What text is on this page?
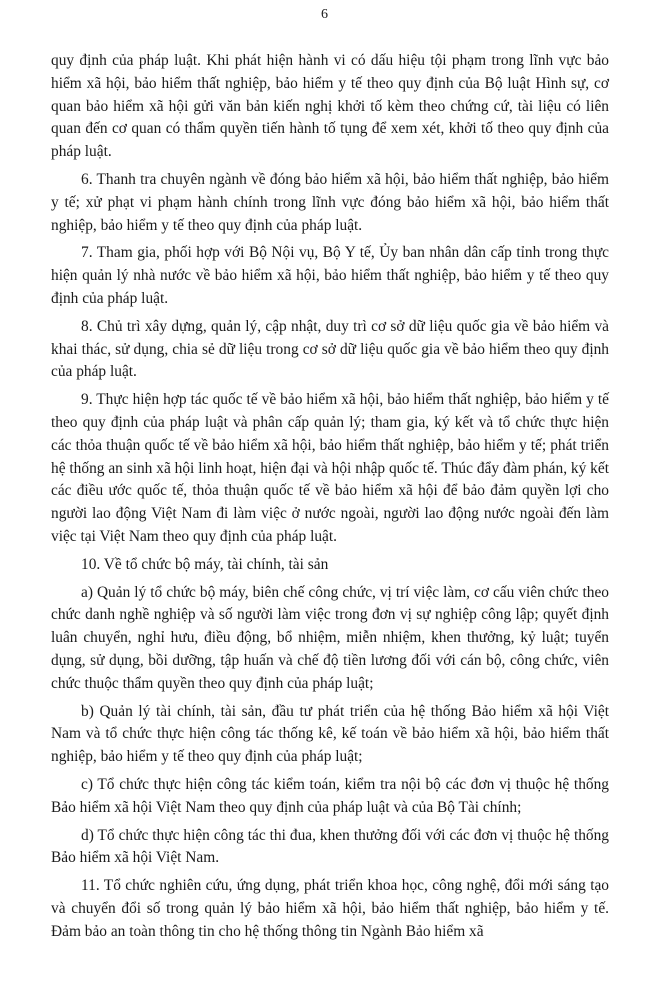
6

quy định của pháp luật. Khi phát hiện hành vi có dấu hiệu tội phạm trong lĩnh vực bảo hiểm xã hội, bảo hiểm thất nghiệp, bảo hiểm y tế theo quy định của Bộ luật Hình sự, cơ quan bảo hiểm xã hội gửi văn bản kiến nghị khởi tố kèm theo chứng cứ, tài liệu có liên quan đến cơ quan có thẩm quyền tiến hành tố tụng để xem xét, khởi tố theo quy định của pháp luật.

6. Thanh tra chuyên ngành về đóng bảo hiểm xã hội, bảo hiểm thất nghiệp, bảo hiểm y tế; xử phạt vi phạm hành chính trong lĩnh vực đóng bảo hiểm xã hội, bảo hiểm thất nghiệp, bảo hiểm y tế theo quy định của pháp luật.

7. Tham gia, phối hợp với Bộ Nội vụ, Bộ Y tế, Ủy ban nhân dân cấp tỉnh trong thực hiện quản lý nhà nước về bảo hiểm xã hội, bảo hiểm thất nghiệp, bảo hiểm y tế theo quy định của pháp luật.

8. Chủ trì xây dựng, quản lý, cập nhật, duy trì cơ sở dữ liệu quốc gia về bảo hiểm và khai thác, sử dụng, chia sẻ dữ liệu trong cơ sở dữ liệu quốc gia về bảo hiểm theo quy định của pháp luật.

9. Thực hiện hợp tác quốc tế về bảo hiểm xã hội, bảo hiểm thất nghiệp, bảo hiểm y tế theo quy định của pháp luật và phân cấp quản lý; tham gia, ký kết và tổ chức thực hiện các thỏa thuận quốc tế về bảo hiểm xã hội, bảo hiểm thất nghiệp, bảo hiểm y tế; phát triển hệ thống an sinh xã hội linh hoạt, hiện đại và hội nhập quốc tế. Thúc đẩy đàm phán, ký kết các điều ước quốc tế, thỏa thuận quốc tế về bảo hiểm xã hội để bảo đảm quyền lợi cho người lao động Việt Nam đi làm việc ở nước ngoài, người lao động nước ngoài đến làm việc tại Việt Nam theo quy định của pháp luật.

10. Về tổ chức bộ máy, tài chính, tài sản

a) Quản lý tổ chức bộ máy, biên chế công chức, vị trí việc làm, cơ cấu viên chức theo chức danh nghề nghiệp và số người làm việc trong đơn vị sự nghiệp công lập; quyết định luân chuyển, nghỉ hưu, điều động, bổ nhiệm, miễn nhiệm, khen thưởng, kỷ luật; tuyển dụng, sử dụng, bồi dưỡng, tập huấn và chế độ tiền lương đối với cán bộ, công chức, viên chức thuộc thẩm quyền theo quy định của pháp luật;

b) Quản lý tài chính, tài sản, đầu tư phát triển của hệ thống Bảo hiểm xã hội Việt Nam và tổ chức thực hiện công tác thống kê, kế toán về bảo hiểm xã hội, bảo hiểm thất nghiệp, bảo hiểm y tế theo quy định của pháp luật;

c) Tổ chức thực hiện công tác kiểm toán, kiểm tra nội bộ các đơn vị thuộc hệ thống Bảo hiểm xã hội Việt Nam theo quy định của pháp luật và của Bộ Tài chính;

d) Tổ chức thực hiện công tác thi đua, khen thưởng đối với các đơn vị thuộc hệ thống Bảo hiểm xã hội Việt Nam.

11. Tổ chức nghiên cứu, ứng dụng, phát triển khoa học, công nghệ, đổi mới sáng tạo và chuyển đổi số trong quản lý bảo hiểm xã hội, bảo hiểm thất nghiệp, bảo hiểm y tế. Đảm bảo an toàn thông tin cho hệ thống thông tin Ngành Bảo hiểm xã
